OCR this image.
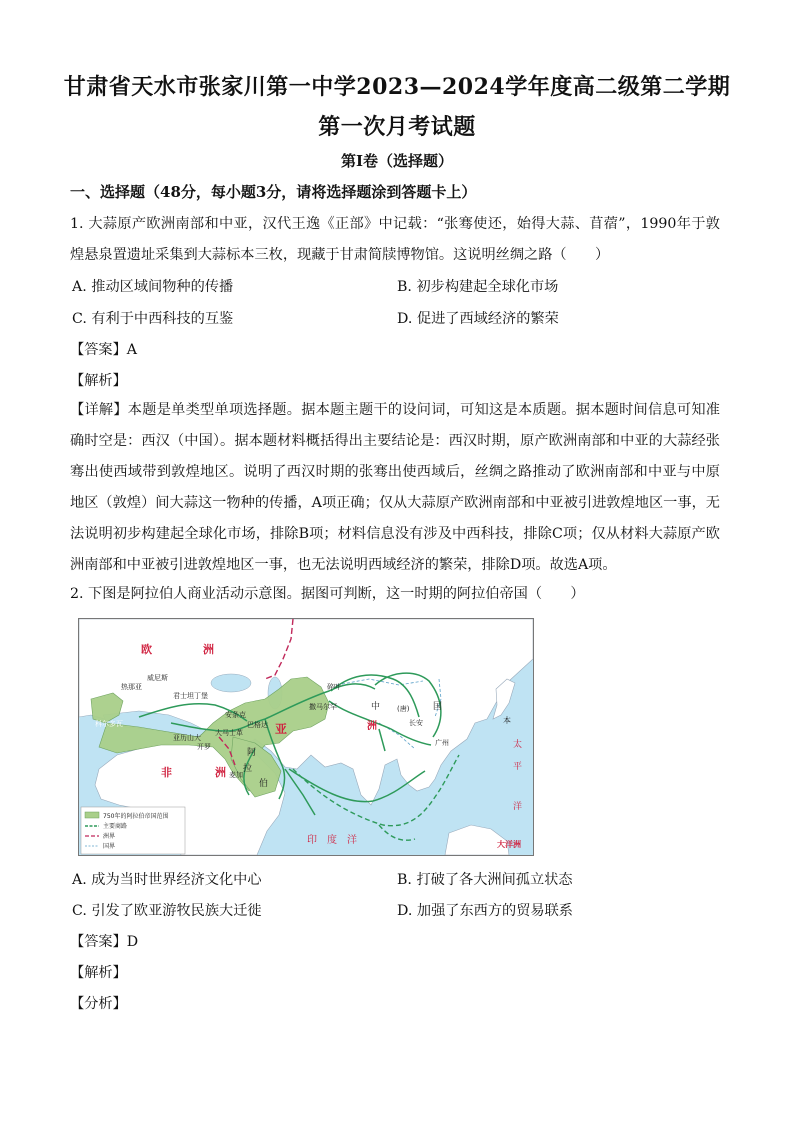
甘肃省天水市张家川第一中学2023—2024学年度高二级第二学期
第一次月考试题
第Ⅰ卷（选择题）
一、选择题（48分，每小题3分，请将选择题涂到答题卡上）
1. 大蒜原产欧洲南部和中亚，汉代王逸《正部》中记载：“张骞使还，始得大蒜、苜蓿”，1990年于敦煌悬泉置遗址采集到大蒜标本三枚，现藏于甘肃简牍博物馆。这说明丝绸之路（　　）
A. 推动区域间物种的传播	B. 初步构建起全球化市场
C. 有利于中西科技的互鉴	D. 促进了西域经济的繁荣
【答案】A
【解析】
【详解】本题是单类型单项选择题。据本题主题干的设问词，可知这是本质题。据本题时间信息可知准确时空是：西汉（中国）。据本题材料概括得出主要结论是：西汉时期，原产欧洲南部和中亚的大蒜经张骞出使西域带到敦煌地区。说明了西汉时期的张骞出使西域后，丝绸之路推动了欧洲南部和中亚与中原地区（敦煌）间大蒜这一物种的传播，A项正确；仅从大蒜原产欧洲南部和中亚被引进敦煌地区一事，无法说明初步构建起全球化市场，排除B项；材料信息没有涉及中西科技，排除C项；仅从材料大蒜原产欧洲南部和中亚被引进敦煌地区一事，也无法说明西域经济的繁荣，排除D项。故选A项。
2. 下图是阿拉伯人商业活动示意图。据图可判断，这一时期的阿拉伯帝国（　　）
欧	洲
亚	洲
非	洲
中	国
(唐)
威尼斯
热那亚
君士坦丁堡
科尔多瓦	巴格达
安条克
大马士革
亚历山大
开罗
撒马尔罕
碎叶
长安
广州
本
阿
拉
伯
麦加
太
平
洋
印　度　洋	大洋洲
750年的阿拉伯帝国范围
主要商路
洲界
国界
A. 成为当时世界经济文化中心	B. 打破了各大洲间孤立状态
C. 引发了欧亚游牧民族大迁徙	D. 加强了东西方的贸易联系
【答案】D
【解析】
【分析】
